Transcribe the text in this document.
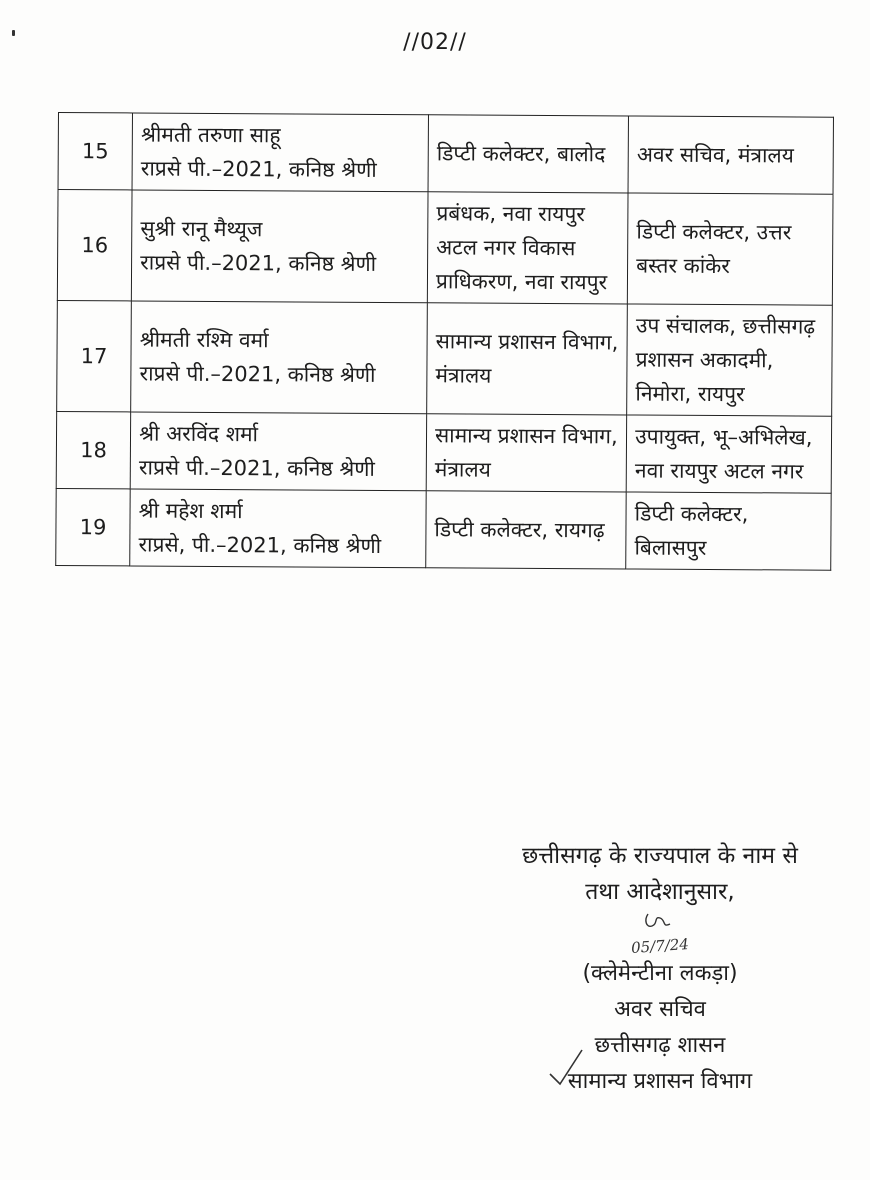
//02//
15	श्रीमती तरुणा साहू
राप्रसे पी.–2021, कनिष्ठ श्रेणी	डिप्टी कलेक्टर, बालोद	अवर सचिव, मंत्रालय

16	सुश्री रानू मैथ्यूज
राप्रसे पी.–2021, कनिष्ठ श्रेणी	प्रबंधक, नवा रायपुर अटल नगर विकास प्राधिकरण, नवा रायपुर	डिप्टी कलेक्टर, उत्तर बस्तर कांकेर

17	श्रीमती रश्मि वर्मा
राप्रसे पी.–2021, कनिष्ठ श्रेणी	सामान्य प्रशासन विभाग, मंत्रालय	उप संचालक, छत्तीसगढ़ प्रशासन अकादमी, निमोरा, रायपुर

18	श्री अरविंद शर्मा
राप्रसे पी.–2021, कनिष्ठ श्रेणी	सामान्य प्रशासन विभाग, मंत्रालय	उपायुक्त, भू–अभिलेख, नवा रायपुर अटल नगर

19	श्री महेश शर्मा
राप्रसे, पी.–2021, कनिष्ठ श्रेणी	डिप्टी कलेक्टर, रायगढ़	डिप्टी कलेक्टर, बिलासपुर
छत्तीसगढ़ के राज्यपाल के नाम से
तथा आदेशानुसार,
05/7/24
(क्लेमेन्टीना लकड़ा)
अवर सचिव
छत्तीसगढ़ शासन
सामान्य प्रशासन विभाग
